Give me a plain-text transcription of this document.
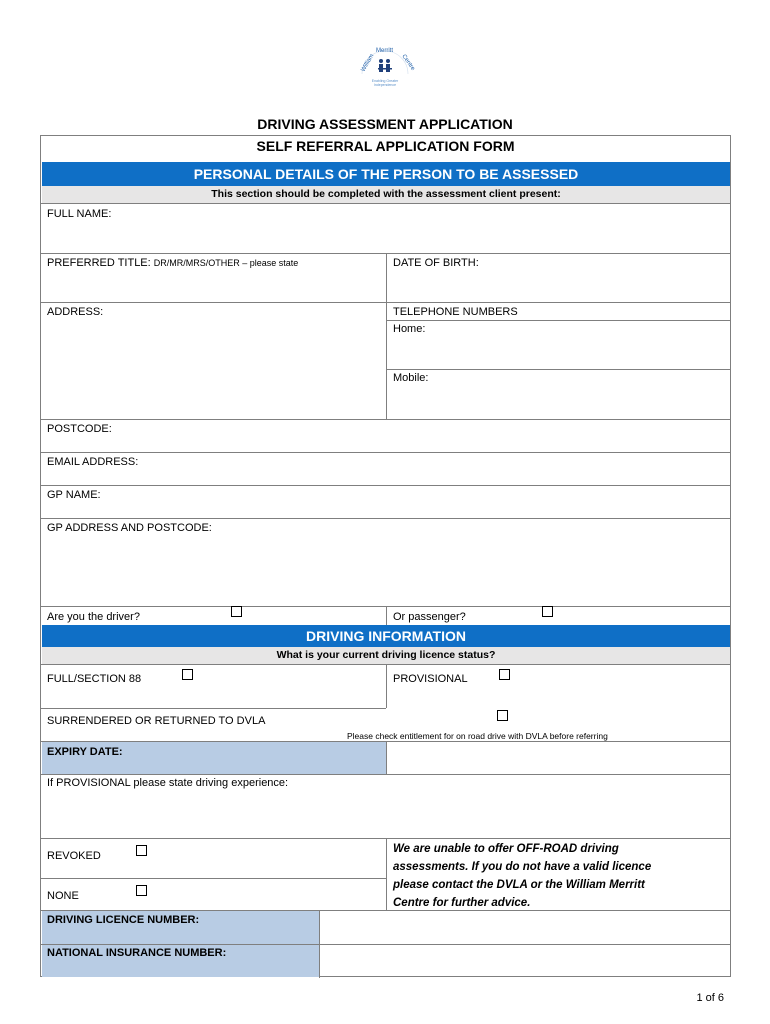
William
Merritt
Centre
Enabling Greater
Independence
DRIVING ASSESSMENT APPLICATION
SELF REFERRAL APPLICATION FORM
PERSONAL DETAILS OF THE PERSON TO BE ASSESSED
This section should be completed with the assessment client present:
FULL NAME:
PREFERRED TITLE: DR/MR/MRS/OTHER – please state	DATE OF BIRTH:
ADDRESS:	TELEPHONE NUMBERS
Home:
Mobile:
POSTCODE:
EMAIL ADDRESS:
GP NAME:
GP ADDRESS AND POSTCODE:
Are you the driver?	Or passenger?
DRIVING INFORMATION
What is your current driving licence status?
FULL/SECTION 88	PROVISIONAL
SURRENDERED OR RETURNED TO DVLA
Please check entitlement for on road drive with DVLA before referring
EXPIRY DATE:
If PROVISIONAL please state driving experience:
REVOKED
NONE
We are unable to offer OFF-ROAD driving
assessments. If you do not have a valid licence
please contact the DVLA or the William Merritt
Centre for further advice.
DRIVING LICENCE NUMBER:
NATIONAL INSURANCE NUMBER:
1 of 6
